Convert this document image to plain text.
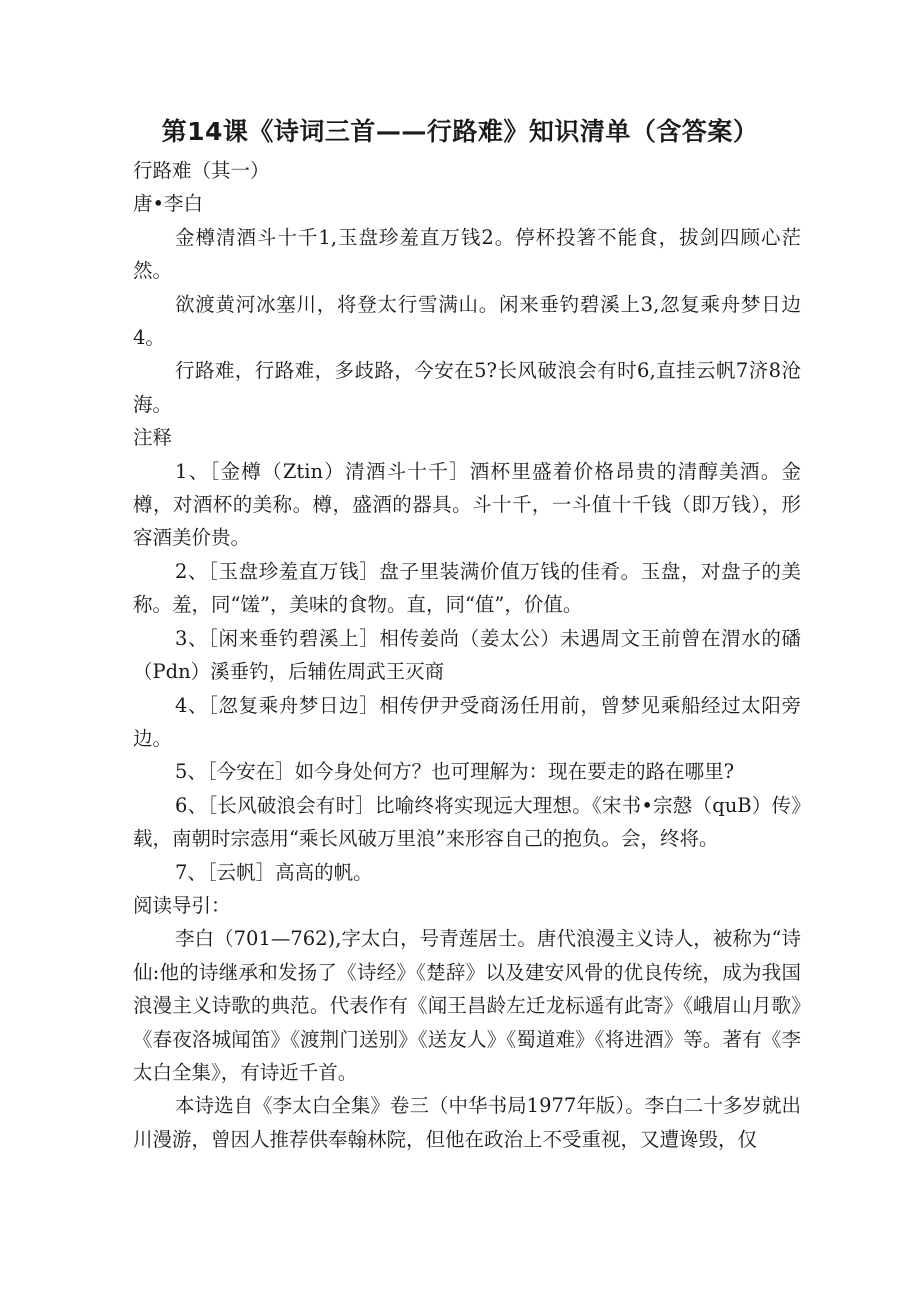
第14课《诗词三首——行路难》知识清单（含答案）

行路难（其一）

唐•李白

金樽清酒斗十千1,玉盘珍羞直万钱2。停杯投箸不能食，拔剑四顾心茫然。

欲渡黄河冰塞川，将登太行雪满山。闲来垂钓碧溪上3,忽复乘舟梦日边4。

行路难，行路难，多歧路，今安在5?长风破浪会有时6,直挂云帆7济8沧海。

注释

1、［金樽（Ztin）清酒斗十千］酒杯里盛着价格昂贵的清醇美酒。金樽，对酒杯的美称。樽，盛酒的器具。斗十千，一斗值十千钱（即万钱），形容酒美价贵。

2、［玉盘珍羞直万钱］盘子里装满价值万钱的佳肴。玉盘，对盘子的美称。羞，同“馐”，美味的食物。直，同“值”，价值。

3、［闲来垂钓碧溪上］相传姜尚（姜太公）未遇周文王前曾在渭水的磻（Pdn）溪垂钓，后辅佐周武王灭商

4、［忽复乘舟梦日边］相传伊尹受商汤任用前，曾梦见乘船经过太阳旁边。

5、［今安在］如今身处何方？也可理解为：现在要走的路在哪里?

6、［长风破浪会有时］比喻终将实现远大理想。《宋书•宗慤（quB）传》载，南朝时宗悫用“乘长风破万里浪”来形容自己的抱负。会，终将。

7、［云帆］高高的帆。

阅读导引：

李白（701—762),字太白，号青莲居士。唐代浪漫主义诗人，被称为“诗仙:他的诗继承和发扬了《诗经》《楚辞》以及建安风骨的优良传统，成为我国浪漫主义诗歌的典范。代表作有《闻王昌龄左迁龙标遥有此寄》《峨眉山月歌》《春夜洛城闻笛》《渡荆门送别》《送友人》《蜀道难》《将进酒》等。著有《李太白全集》，有诗近千首。

本诗选自《李太白全集》卷三（中华书局1977年版）。李白二十多岁就出川漫游，曾因人推荐供奉翰林院，但他在政治上不受重视，又遭谗毁，仅
